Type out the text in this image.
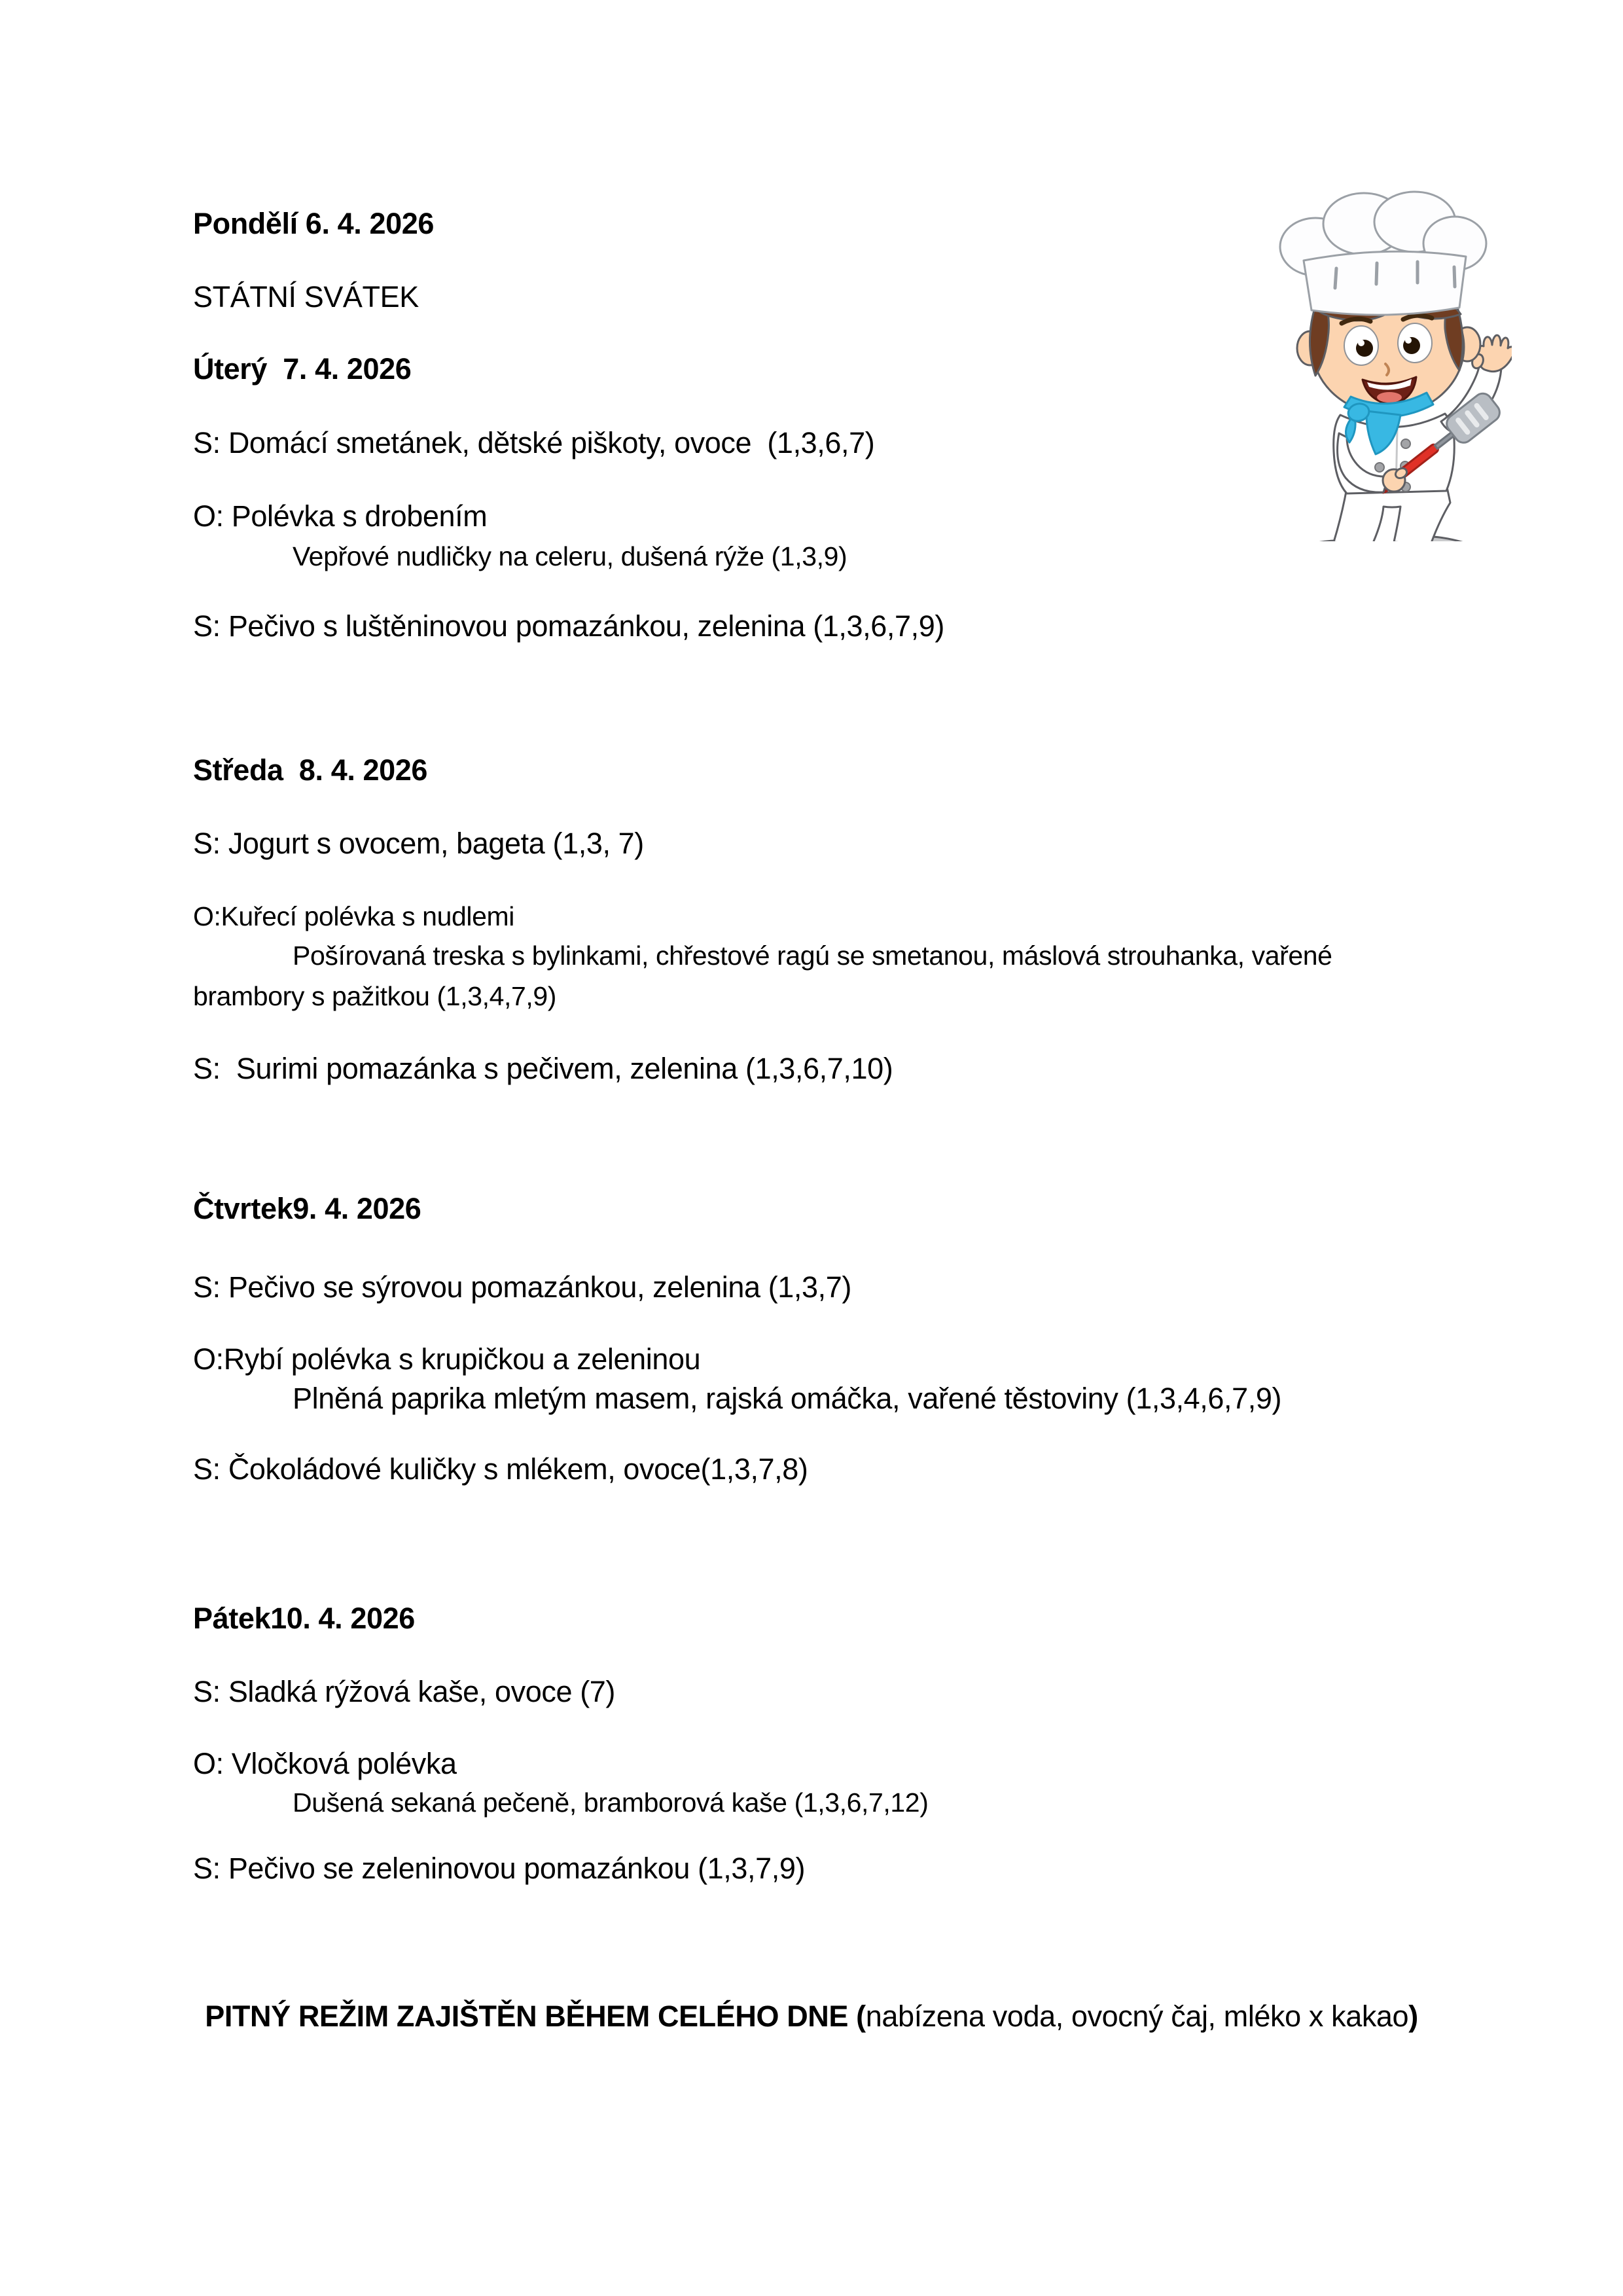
Pondělí 6. 4. 2026

STÁTNÍ SVÁTEK

Úterý  7. 4. 2026

S: Domácí smetánek, dětské piškoty, ovoce  (1,3,6,7)

O: Polévka s drobením

Vepřové nudličky na celeru, dušená rýže (1,3,9)

S: Pečivo s luštěninovou pomazánkou, zelenina (1,3,6,7,9)

Středa  8. 4. 2026

S: Jogurt s ovocem, bageta (1,3, 7)

O:Kuřecí polévka s nudlemi

Pošírovaná treska s bylinkami, chřestové ragú se smetanou, máslová strouhanka, vařené

brambory s pažitkou (1,3,4,7,9)

S:  Surimi pomazánka s pečivem, zelenina (1,3,6,7,10)

Čtvrtek9. 4. 2026

S: Pečivo se sýrovou pomazánkou, zelenina (1,3,7)

O:Rybí polévka s krupičkou a zeleninou

Plněná paprika mletým masem, rajská omáčka, vařené těstoviny (1,3,4,6,7,9)

S: Čokoládové kuličky s mlékem, ovoce(1,3,7,8)

Pátek10. 4. 2026

S: Sladká rýžová kaše, ovoce (7)

O: Vločková polévka

Dušená sekaná pečeně, bramborová kaše (1,3,6,7,12)

S: Pečivo se zeleninovou pomazánkou (1,3,7,9)

PITNÝ REŽIM ZAJIŠTĚN BĚHEM CELÉHO DNE (nabízena voda, ovocný čaj, mléko x kakao)
